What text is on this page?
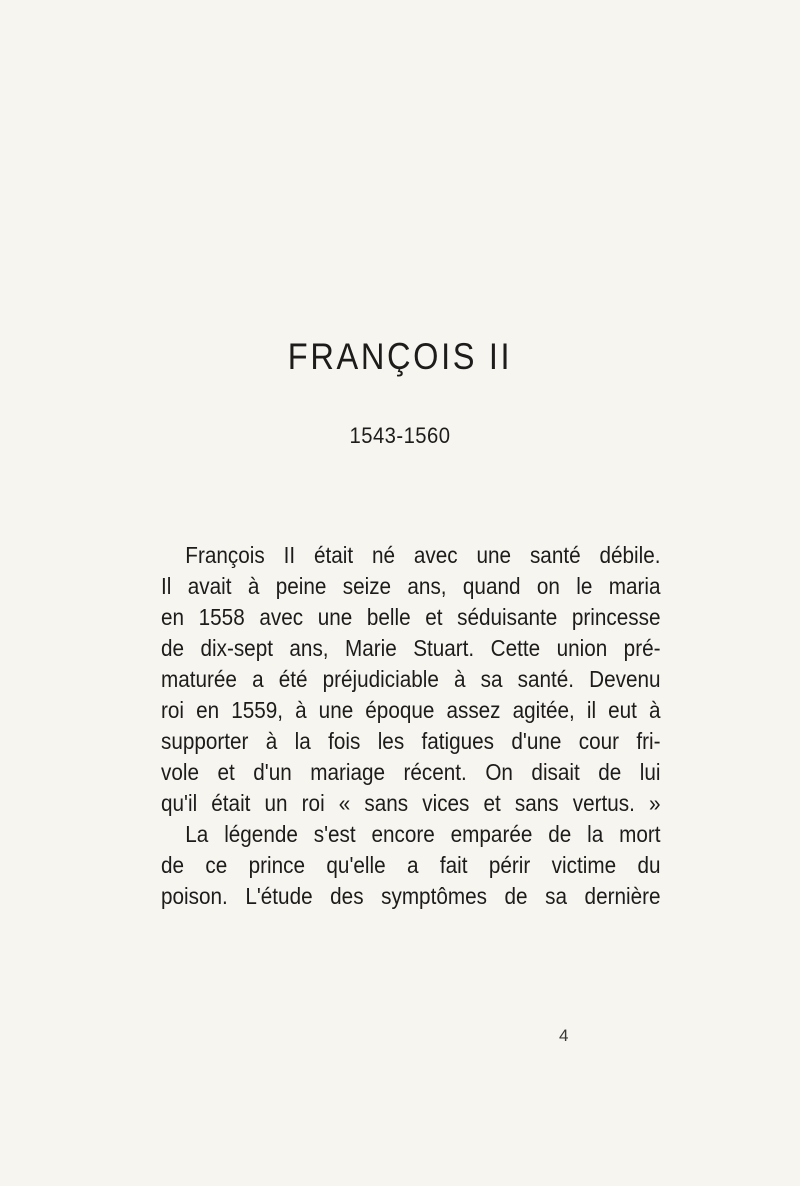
FRANÇOIS II
1543-1560
François II était né avec une santé débile.
Il avait à peine seize ans, quand on le maria
en 1558 avec une belle et séduisante princesse
de dix-sept ans, Marie Stuart. Cette union pré-
maturée a été préjudiciable à sa santé. Devenu
roi en 1559, à une époque assez agitée, il eut à
supporter à la fois les fatigues d'une cour fri-
vole et d'un mariage récent. On disait de lui
qu'il était un roi « sans vices et sans vertus. »
La légende s'est encore emparée de la mort
de ce prince qu'elle a fait périr victime du
poison. L'étude des symptômes de sa dernière
4
